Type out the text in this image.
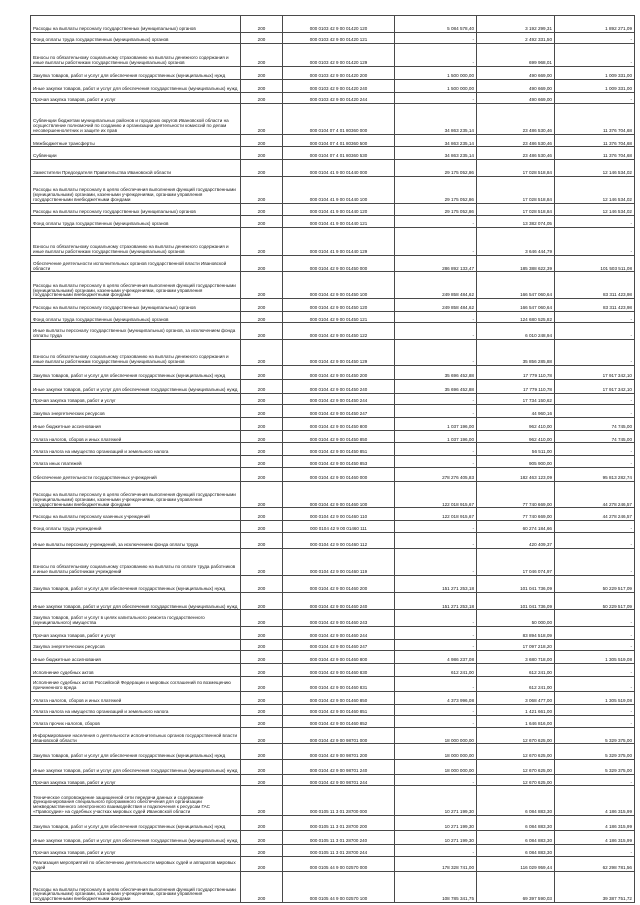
Расходы на выплаты персоналу государственных (муниципальных) органов	200	000 0103 42 9 00 01420 120	5 084 578,40	3 192 299,31	1 892 271,09
Фонд оплаты труда государственных (муниципальных) органов	200	000 0103 42 9 00 01420 121	-	2 492 331,50	-
Взносы по обязательному социальному страхованию на выплаты денежного содержания и иные выплаты работникам государственных (муниципальных) органов	200	000 0103 42 9 00 01420 129	-	699 968,01	-
Закупка товаров, работ и услуг для обеспечения государственных (муниципальных) нужд	200	000 0103 42 9 00 01420 200	1 500 000,00	490 669,00	1 009 331,00
Иные закупки товаров, работ и услуг для обеспечения государственных (муниципальных) нужд	200	000 0103 42 9 00 01420 240	1 500 000,00	490 669,00	1 009 331,00
Прочая закупка товаров, работ и услуг	200	000 0103 42 9 00 01420 244	-	490 669,00	-
Субвенции бюджетам муниципальных районов и городских округов Ивановской области на осуществление полномочий по созданию и организации деятельности комиссий по делам несовершеннолетних и защите их прав	200	000 0104 07 4 01 80360 000	34 863 235,14	23 486 530,46	11 376 704,68
Межбюджетные трансферты	200	000 0104 07 4 01 80360 500	34 863 235,14	23 486 530,46	11 376 704,68
Субвенции	200	000 0104 07 4 01 80360 530	34 863 235,14	23 486 530,46	11 376 704,68
Заместители Председателя Правительства Ивановской области	200	000 0104 41 9 00 01440 000	29 175 052,86	17 028 518,84	12 146 534,02
Расходы на выплаты персоналу в целях обеспечения выполнения функций государственными (муниципальными) органами, казенными учреждениями, органами управления государственными внебюджетными фондами	200	000 0104 41 9 00 01440 100	29 175 052,86	17 028 518,84	12 146 534,02
Расходы на выплаты персоналу государственных (муниципальных) органов	200	000 0104 41 9 00 01440 120	29 175 052,86	17 028 518,84	12 146 534,02
Фонд оплаты труда государственных (муниципальных) органов	200	000 0104 41 9 00 01440 121	-	13 382 074,05	-
Взносы по обязательному социальному страхованию на выплаты денежного содержания и иные выплаты работникам государственных (муниципальных) органов	200	000 0104 41 9 00 01440 129	-	3 646 444,79	-
Обеспечение деятельности исполнительных органов государственной власти Ивановской области	200	000 0104 42 9 00 01450 000	286 892 133,47	185 388 622,39	101 503 511,08
Расходы на выплаты персоналу в целях обеспечения выполнения функций государственными (муниципальными) органами, казенными учреждениями, органами управления государственными внебюджетными фондами	200	000 0104 42 9 00 01450 100	249 858 484,62	166 547 060,64	83 311 423,98
Расходы на выплаты персоналу государственных (муниципальных) органов	200	000 0104 42 9 00 01450 120	249 858 484,62	166 547 060,64	83 311 423,98
Фонд оплаты труда государственных (муниципальных) органов	200	000 0104 42 9 00 01450 121	-	124 680 525,82	-
Иные выплаты персоналу государственных (муниципальных) органов, за исключением фонда оплаты труда	200	000 0104 42 9 00 01450 122	-	6 010 248,94	-
Взносы по обязательному социальному страхованию на выплаты денежного содержания и иные выплаты работникам государственных (муниципальных) органов	200	000 0104 42 9 00 01450 129	-	35 856 285,88	-
Закупка товаров, работ и услуг для обеспечения государственных (муниципальных) нужд	200	000 0104 42 9 00 01450 200	35 696 452,88	17 779 110,78	17 917 342,10
Иные закупки товаров, работ и услуг для обеспечения государственных (муниципальных) нужд	200	000 0104 42 9 00 01450 240	35 696 452,88	17 779 110,78	17 917 342,10
Прочая закупка товаров, работ и услуг	200	000 0104 42 9 00 01450 244	-	17 734 150,62	-
Закупка энергетических ресурсов	200	000 0104 42 9 00 01450 247	-	44 960,16	-
Иные бюджетные ассигнования	200	000 0104 42 9 00 01450 800	1 037 196,00	962 410,00	74 745,00
Уплата налогов, сборов и иных платежей	200	000 0104 42 9 00 01450 850	1 037 196,00	962 410,00	74 745,00
Уплата налога на имущество организаций и земельного налога	200	000 0104 42 9 00 01450 851	-	56 511,00	-
Уплата иных платежей	200	000 0104 42 9 00 01450 853	-	905 900,00	-
Обеспечение деятельности государственных учреждений	200	000 0104 42 9 00 01460 000	278 276 405,83	182 463 123,09	95 813 282,74
Расходы на выплаты персоналу в целях обеспечения выполнения функций государственными (муниципальными) органами, казенными учреждениями, органами управления государственными внебюджетными фондами	200	000 0104 42 9 00 01460 100	122 018 915,67	77 740 669,00	44 278 246,57
Расходы на выплаты персоналу казенных учреждений	200	000 0104 42 9 00 01460 110	122 018 915,67	77 740 669,00	44 278 246,57
Фонд оплаты труда учреждений	200	000 0104 42 9 00 01460 111	-	60 274 184,66	-
Иные выплаты персоналу учреждений, за исключением фонда оплаты труда	200	000 0104 42 9 00 01460 112	-	420 409,37	-
Взносы по обязательному социальному страхованию на выплаты по оплате труда работников и иные выплаты работникам учреждений	200	000 0104 42 9 00 01460 119	-	17 046 074,97	-
Закупка товаров, работ и услуг для обеспечения государственных (муниципальных) нужд	200	000 0104 42 9 00 01460 200	151 271 253,18	101 041 736,09	50 229 517,09
Иные закупки товаров, работ и услуг для обеспечения государственных (муниципальных) нужд	200	000 0104 42 9 00 01460 240	151 271 253,18	101 041 736,09	50 229 517,09
Закупка товаров, работ и услуг в целях капитального ремонта государственного (муниципального) имущества	200	000 0104 42 9 00 01460 243	-	50 000,00	-
Прочая закупка товаров, работ и услуг	200	000 0104 42 9 00 01460 244	-	83 894 518,09	-
Закупка энергетических ресурсов	200	000 0104 42 9 00 01460 247	-	17 097 218,20	-
Иные бюджетные ассигнования	200	000 0104 42 9 00 01460 800	4 986 237,08	3 680 718,00	1 305 519,08
Исполнение судебных актов	200	000 0104 42 9 00 01460 830	612 241,00	612 241,00	-
Исполнение судебных актов Российской Федерации и мировых соглашений по возмещению причиненного вреда	200	000 0104 42 9 00 01460 831	-	612 241,00	-
Уплата налогов, сборов и иных платежей	200	000 0104 42 9 00 01460 850	4 373 996,08	3 068 477,00	1 305 519,08
Уплата налога на имущество организаций и земельного налога	200	000 0104 42 9 00 01460 851	-	1 421 661,00	-
Уплата прочих налогов, сборов	200	000 0104 42 9 00 01460 852	-	1 646 816,00	-
Информирование населения о деятельности исполнительных органов государственной власти Ивановской области	200	000 0104 42 9 00 98701 000	18 000 000,00	12 670 625,00	5 329 375,00
Закупка товаров, работ и услуг для обеспечения государственных (муниципальных) нужд	200	000 0104 42 9 00 98701 200	18 000 000,00	12 670 625,00	5 329 375,00
Иные закупки товаров, работ и услуг для обеспечения государственных (муниципальных) нужд	200	000 0104 42 9 00 98701 240	18 000 000,00	12 670 625,00	5 329 375,00
Прочая закупка товаров, работ и услуг	200	000 0104 42 9 00 98701 244	-	12 670 625,00	-
Техническое сопровождение защищенной сети передачи данных и содержание функционирования специального программного обеспечения для организации межведомственного электронного взаимодействия и подключения к ресурсам ГАС «Правосудие» на судебных участках мировых судей Ивановской области	200	000 0105 11 3 01 28700 000	10 271 199,30	6 084 883,30	4 186 315,99
Закупка товаров, работ и услуг для обеспечения государственных (муниципальных) нужд	200	000 0105 11 3 01 28700 200	10 271 199,30	6 084 883,30	4 186 315,99
Иные закупки товаров, работ и услуг для обеспечения государственных (муниципальных) нужд	200	000 0105 11 3 01 28700 240	10 271 199,30	6 084 883,30	4 186 315,99
Прочая закупка товаров, работ и услуг	200	000 0105 11 3 01 28700 244	-	6 084 883,30	-
Реализация мероприятий по обеспечению деятельности мировых судей и аппаратов мировых судей	200	000 0105 44 9 00 02570 000	178 328 741,00	116 029 959,44	62 298 781,56
Расходы на выплаты персоналу в целях обеспечения выполнения функций государственными (муниципальными) органами, казенными учреждениями, органами управления государственными внебюджетными фондами	200	000 0105 44 9 00 02570 100	108 785 341,75	69 397 590,03	39 387 751,72
